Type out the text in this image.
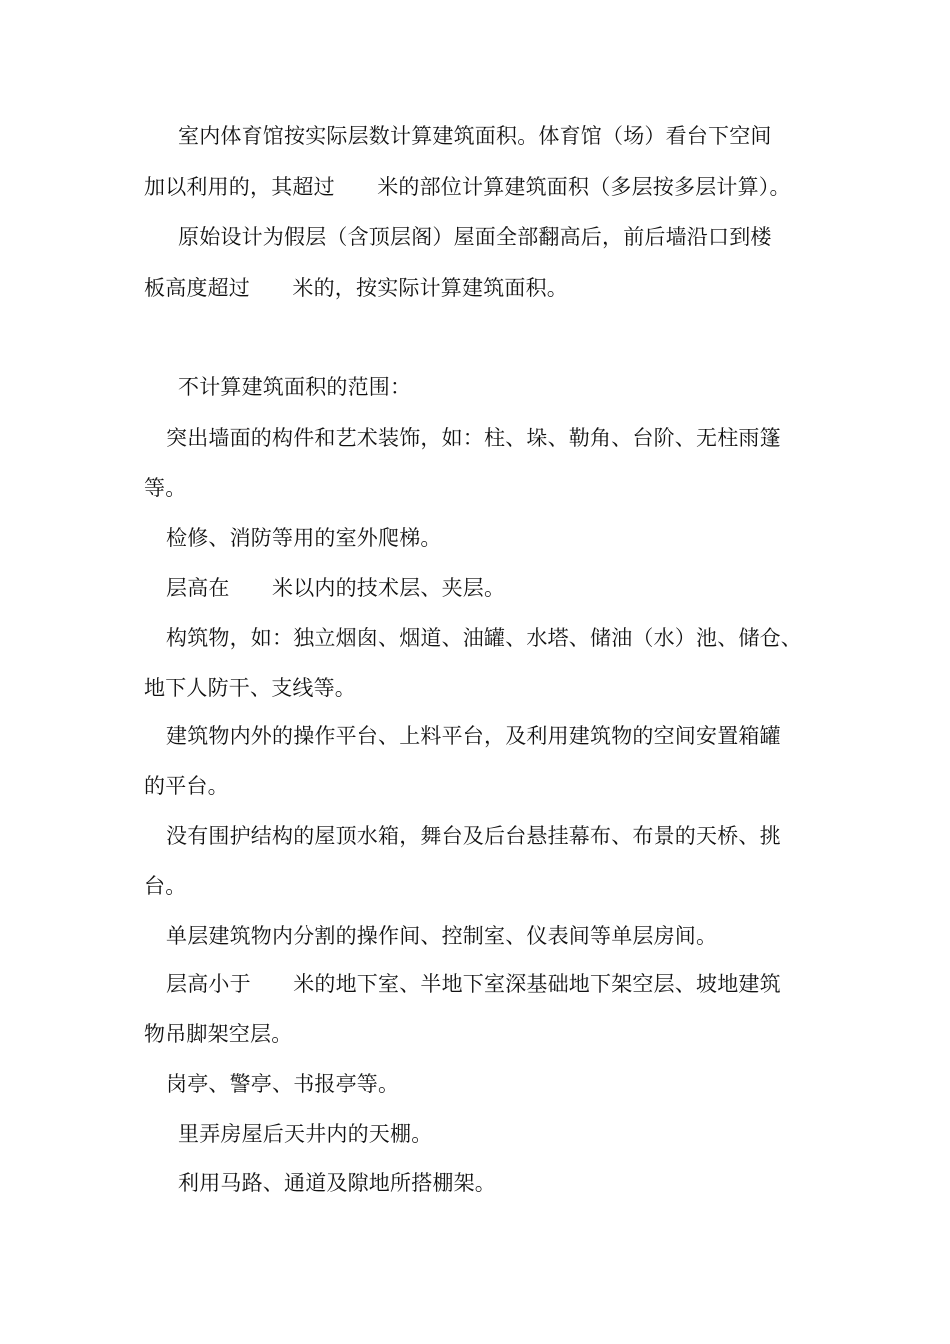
室内体育馆按实际层数计算建筑面积。体育馆（场）看台下空间
加以利用的，其超过　　米的部位计算建筑面积（多层按多层计算）。
原始设计为假层（含顶层阁）屋面全部翻高后，前后墙沿口到楼
板高度超过　　米的，按实际计算建筑面积。
不计算建筑面积的范围：
突出墙面的构件和艺术装饰，如：柱、垛、勒角、台阶、无柱雨篷
等。
检修、消防等用的室外爬梯。
层高在　　米以内的技术层、夹层。
构筑物，如：独立烟囱、烟道、油罐、水塔、储油（水）池、储仓、
地下人防干、支线等。
建筑物内外的操作平台、上料平台，及利用建筑物的空间安置箱罐
的平台。
没有围护结构的屋顶水箱，舞台及后台悬挂幕布、布景的天桥、挑
台。
单层建筑物内分割的操作间、控制室、仪表间等单层房间。
层高小于　　米的地下室、半地下室深基础地下架空层、坡地建筑
物吊脚架空层。
岗亭、警亭、书报亭等。
里弄房屋后天井内的天棚。
利用马路、通道及隙地所搭棚架。
